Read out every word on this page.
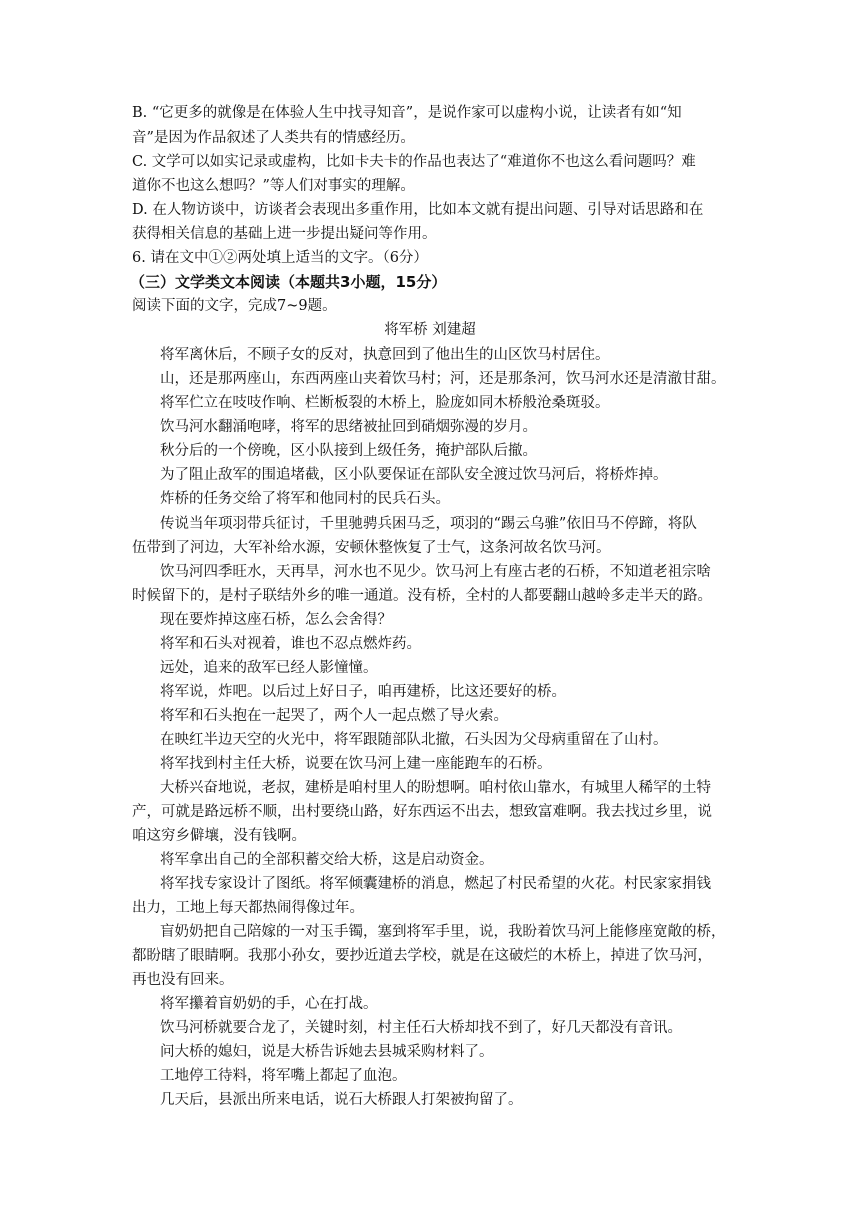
B. “它更多的就像是在体验人生中找寻知音”，是说作家可以虚构小说，让读者有如“知
音”是因为作品叙述了人类共有的情感经历。
C. 文学可以如实记录或虚构，比如卡夫卡的作品也表达了“难道你不也这么看问题吗？难
道你不也这么想吗？”等人们对事实的理解。
D. 在人物访谈中，访谈者会表现出多重作用，比如本文就有提出问题、引导对话思路和在
获得相关信息的基础上进一步提出疑问等作用。
6. 请在文中①②两处填上适当的文字。（6分）
（三）文学类文本阅读（本题共3小题，15分）
阅读下面的文字，完成7~9题。
将军桥 刘建超
将军离休后，不顾子女的反对，执意回到了他出生的山区饮马村居住。
山，还是那两座山，东西两座山夹着饮马村；河，还是那条河，饮马河水还是清澈甘甜。
将军伫立在吱吱作响、栏断板裂的木桥上，脸庞如同木桥般沧桑斑驳。
饮马河水翻涌咆哮，将军的思绪被扯回到硝烟弥漫的岁月。
秋分后的一个傍晚，区小队接到上级任务，掩护部队后撤。
为了阻止敌军的围追堵截，区小队要保证在部队安全渡过饮马河后，将桥炸掉。
炸桥的任务交给了将军和他同村的民兵石头。
传说当年项羽带兵征讨，千里驰骋兵困马乏，项羽的“踢云乌骓”依旧马不停蹄，将队
伍带到了河边，大军补给水源，安顿休整恢复了士气，这条河故名饮马河。
饮马河四季旺水，天再旱，河水也不见少。饮马河上有座古老的石桥，不知道老祖宗啥
时候留下的，是村子联结外乡的唯一通道。没有桥，全村的人都要翻山越岭多走半天的路。
现在要炸掉这座石桥，怎么会舍得？
将军和石头对视着，谁也不忍点燃炸药。
远处，追来的敌军已经人影憧憧。
将军说，炸吧。以后过上好日子，咱再建桥，比这还要好的桥。
将军和石头抱在一起哭了，两个人一起点燃了导火索。
在映红半边天空的火光中，将军跟随部队北撤，石头因为父母病重留在了山村。
将军找到村主任大桥，说要在饮马河上建一座能跑车的石桥。
大桥兴奋地说，老叔，建桥是咱村里人的盼想啊。咱村依山靠水，有城里人稀罕的土特
产，可就是路远桥不顺，出村要绕山路，好东西运不出去，想致富难啊。我去找过乡里，说
咱这穷乡僻壤，没有钱啊。
将军拿出自己的全部积蓄交给大桥，这是启动资金。
将军找专家设计了图纸。将军倾囊建桥的消息，燃起了村民希望的火花。村民家家捐钱
出力，工地上每天都热闹得像过年。
盲奶奶把自己陪嫁的一对玉手镯，塞到将军手里，说，我盼着饮马河上能修座宽敞的桥，
都盼瞎了眼睛啊。我那小孙女，要抄近道去学校，就是在这破烂的木桥上，掉进了饮马河，
再也没有回来。
将军攥着盲奶奶的手，心在打战。
饮马河桥就要合龙了，关键时刻，村主任石大桥却找不到了，好几天都没有音讯。
问大桥的媳妇，说是大桥告诉她去县城采购材料了。
工地停工待料，将军嘴上都起了血泡。
几天后，县派出所来电话，说石大桥跟人打架被拘留了。
